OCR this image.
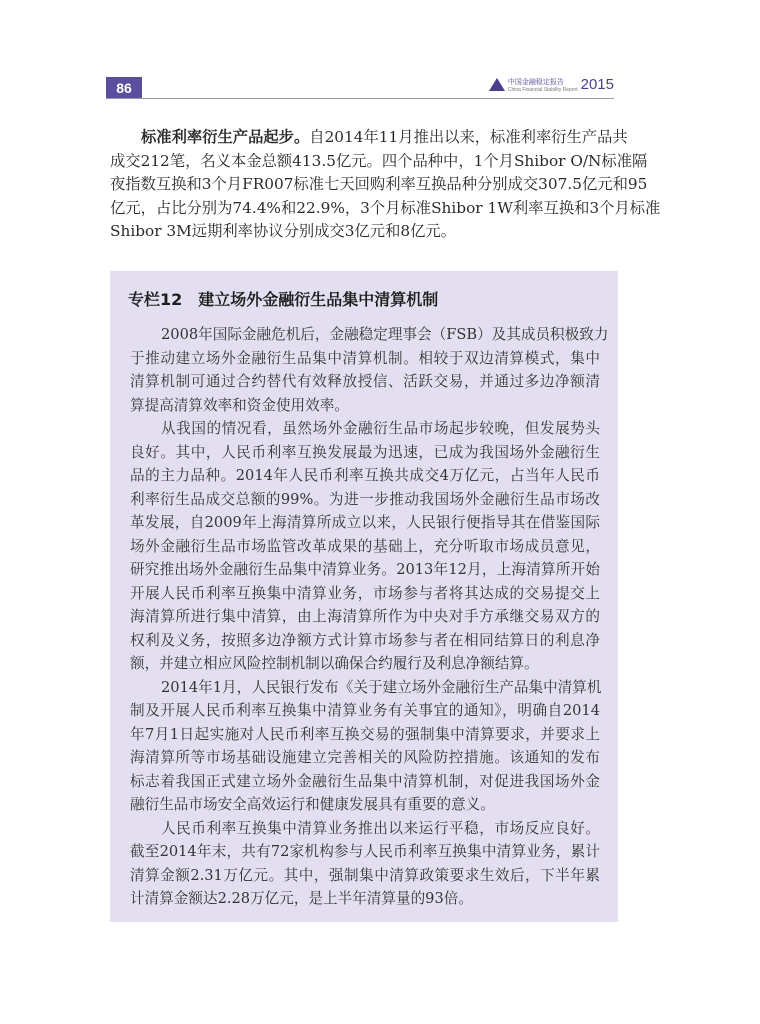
86	中国金融稳定报告
China Financial Stability Report 2015
标准利率衍生产品起步。自2014年11月推出以来，标准利率衍生产品共
成交212笔，名义本金总额413.5亿元。四个品种中，1个月Shibor O/N标准隔
夜指数互换和3个月FR007标准七天回购利率互换品种分别成交307.5亿元和95
亿元，占比分别为74.4%和22.9%，3个月标准Shibor 1W利率互换和3个月标准
Shibor 3M远期利率协议分别成交3亿元和8亿元。
专栏12　建立场外金融衍生品集中清算机制
2008年国际金融危机后，金融稳定理事会（FSB）及其成员积极致力
于推动建立场外金融衍生品集中清算机制。相较于双边清算模式，集中
清算机制可通过合约替代有效释放授信、活跃交易，并通过多边净额清
算提高清算效率和资金使用效率。
从我国的情况看，虽然场外金融衍生品市场起步较晚，但发展势头
良好。其中，人民币利率互换发展最为迅速，已成为我国场外金融衍生
品的主力品种。2014年人民币利率互换共成交4万亿元，占当年人民币
利率衍生品成交总额的99%。为进一步推动我国场外金融衍生品市场改
革发展，自2009年上海清算所成立以来，人民银行便指导其在借鉴国际
场外金融衍生品市场监管改革成果的基础上，充分听取市场成员意见，
研究推出场外金融衍生品集中清算业务。2013年12月，上海清算所开始
开展人民币利率互换集中清算业务，市场参与者将其达成的交易提交上
海清算所进行集中清算，由上海清算所作为中央对手方承继交易双方的
权利及义务，按照多边净额方式计算市场参与者在相同结算日的利息净
额，并建立相应风险控制机制以确保合约履行及利息净额结算。
2014年1月，人民银行发布《关于建立场外金融衍生产品集中清算机
制及开展人民币利率互换集中清算业务有关事宜的通知》，明确自2014
年7月1日起实施对人民币利率互换交易的强制集中清算要求，并要求上
海清算所等市场基础设施建立完善相关的风险防控措施。该通知的发布
标志着我国正式建立场外金融衍生品集中清算机制，对促进我国场外金
融衍生品市场安全高效运行和健康发展具有重要的意义。
人民币利率互换集中清算业务推出以来运行平稳，市场反应良好。
截至2014年末，共有72家机构参与人民币利率互换集中清算业务，累计
清算金额2.31万亿元。其中，强制集中清算政策要求生效后，下半年累
计清算金额达2.28万亿元，是上半年清算量的93倍。
